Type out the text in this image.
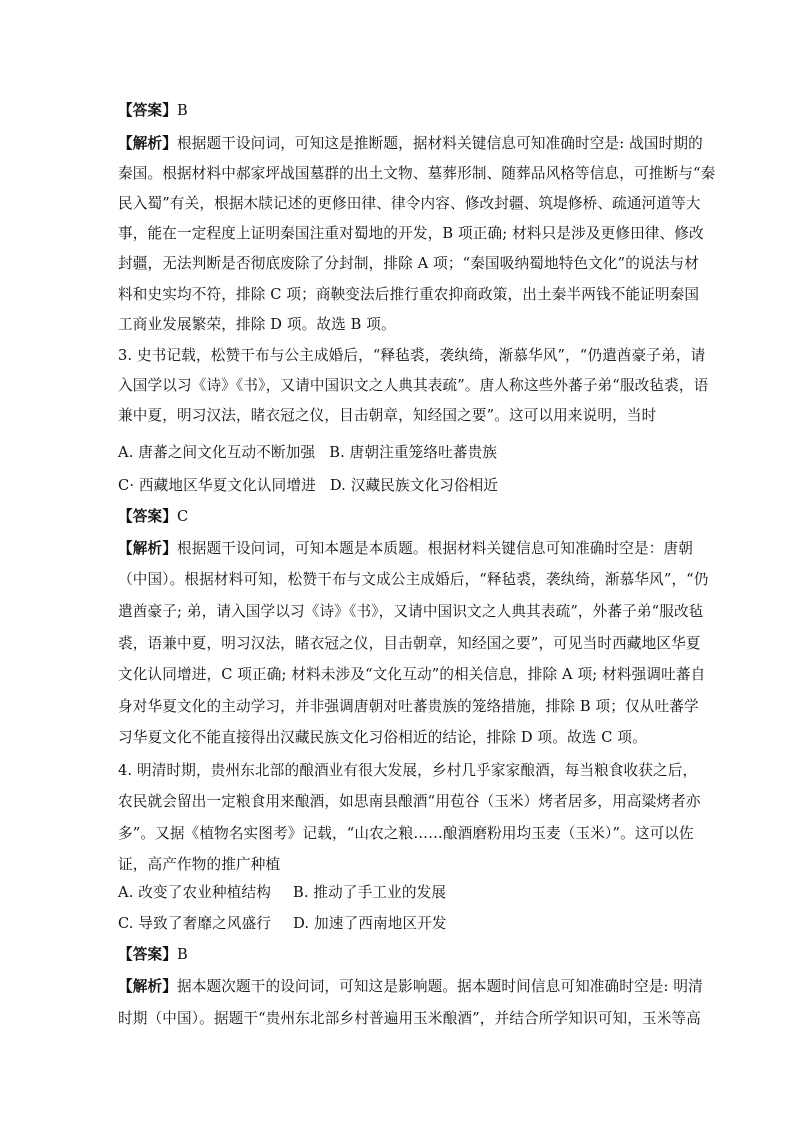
【答案】B
【解析】根据题干设问词，可知这是推断题，据材料关键信息可知准确时空是: 战国时期的
秦国。根据材料中郝家坪战国墓群的出土文物、墓葬形制、随葬品风格等信息，可推断与“秦
民入蜀”有关，根据木牍记述的更修田律、律令内容、修改封疆、筑堤修桥、疏通河道等大
事，能在一定程度上证明秦国注重对蜀地的开发，B 项正确; 材料只是涉及更修田律、修改
封疆，无法判断是否彻底废除了分封制，排除 A 项；“秦国吸纳蜀地特色文化”的说法与材
料和史实均不符，排除 C 项；商鞅变法后推行重农抑商政策，出土秦半两钱不能证明秦国
工商业发展繁荣，排除 D 项。故选 B 项。
3. 史书记载，松赞干布与公主成婚后，“释毡裘，袭纨绮，渐慕华风”，“仍遣酋豪子弟，请
入国学以习《诗》《书》，又请中国识文之人典其表疏”。唐人称这些外蕃子弟“服改毡裘，语
兼中夏，明习汉法，睹衣冠之仪，目击朝章，知经国之要”。这可以用来说明，当时
A. 唐蕃之间文化互动不断加强 B. 唐朝注重笼络吐蕃贵族
C· 西藏地区华夏文化认同增进 D. 汉藏民族文化习俗相近
【答案】C
【解析】根据题干设问词，可知本题是本质题。根据材料关键信息可知准确时空是：唐朝
（中国）。根据材料可知，松赞干布与文成公主成婚后，“释毡裘，袭纨绮，渐慕华风”，“仍
遣酋豪子; 弟，请入国学以习《诗》《书》，又请中国识文之人典其表疏”，外蕃子弟“服改毡
裘，语兼中夏，明习汉法，睹衣冠之仪，目击朝章，知经国之要”，可见当时西藏地区华夏
文化认同增进，C 项正确; 材料未涉及“文化互动”的相关信息，排除 A 项; 材料强调吐蕃自
身对华夏文化的主动学习，并非强调唐朝对吐蕃贵族的笼络措施，排除 B 项；仅从吐蕃学
习华夏文化不能直接得出汉藏民族文化习俗相近的结论，排除 D 项。故选 C 项。
4. 明清时期，贵州东北部的酿酒业有很大发展，乡村几乎家家酿酒，每当粮食收获之后，
农民就会留出一定粮食用来酿酒，如思南县酿酒“用苞谷（玉米）烤者居多，用高粱烤者亦
多”。又据《植物名实图考》记载，“山农之粮……酿酒磨粉用均玉麦（玉米）”。这可以佐
证，高产作物的推广种植
A. 改变了农业种植结构 B. 推动了手工业的发展
C. 导致了奢靡之风盛行 D. 加速了西南地区开发
【答案】B
【解析】据本题次题干的设问词，可知这是影响题。据本题时间信息可知准确时空是: 明清
时期（中国）。据题干“贵州东北部乡村普遍用玉米酿酒”，并结合所学知识可知，玉米等高
